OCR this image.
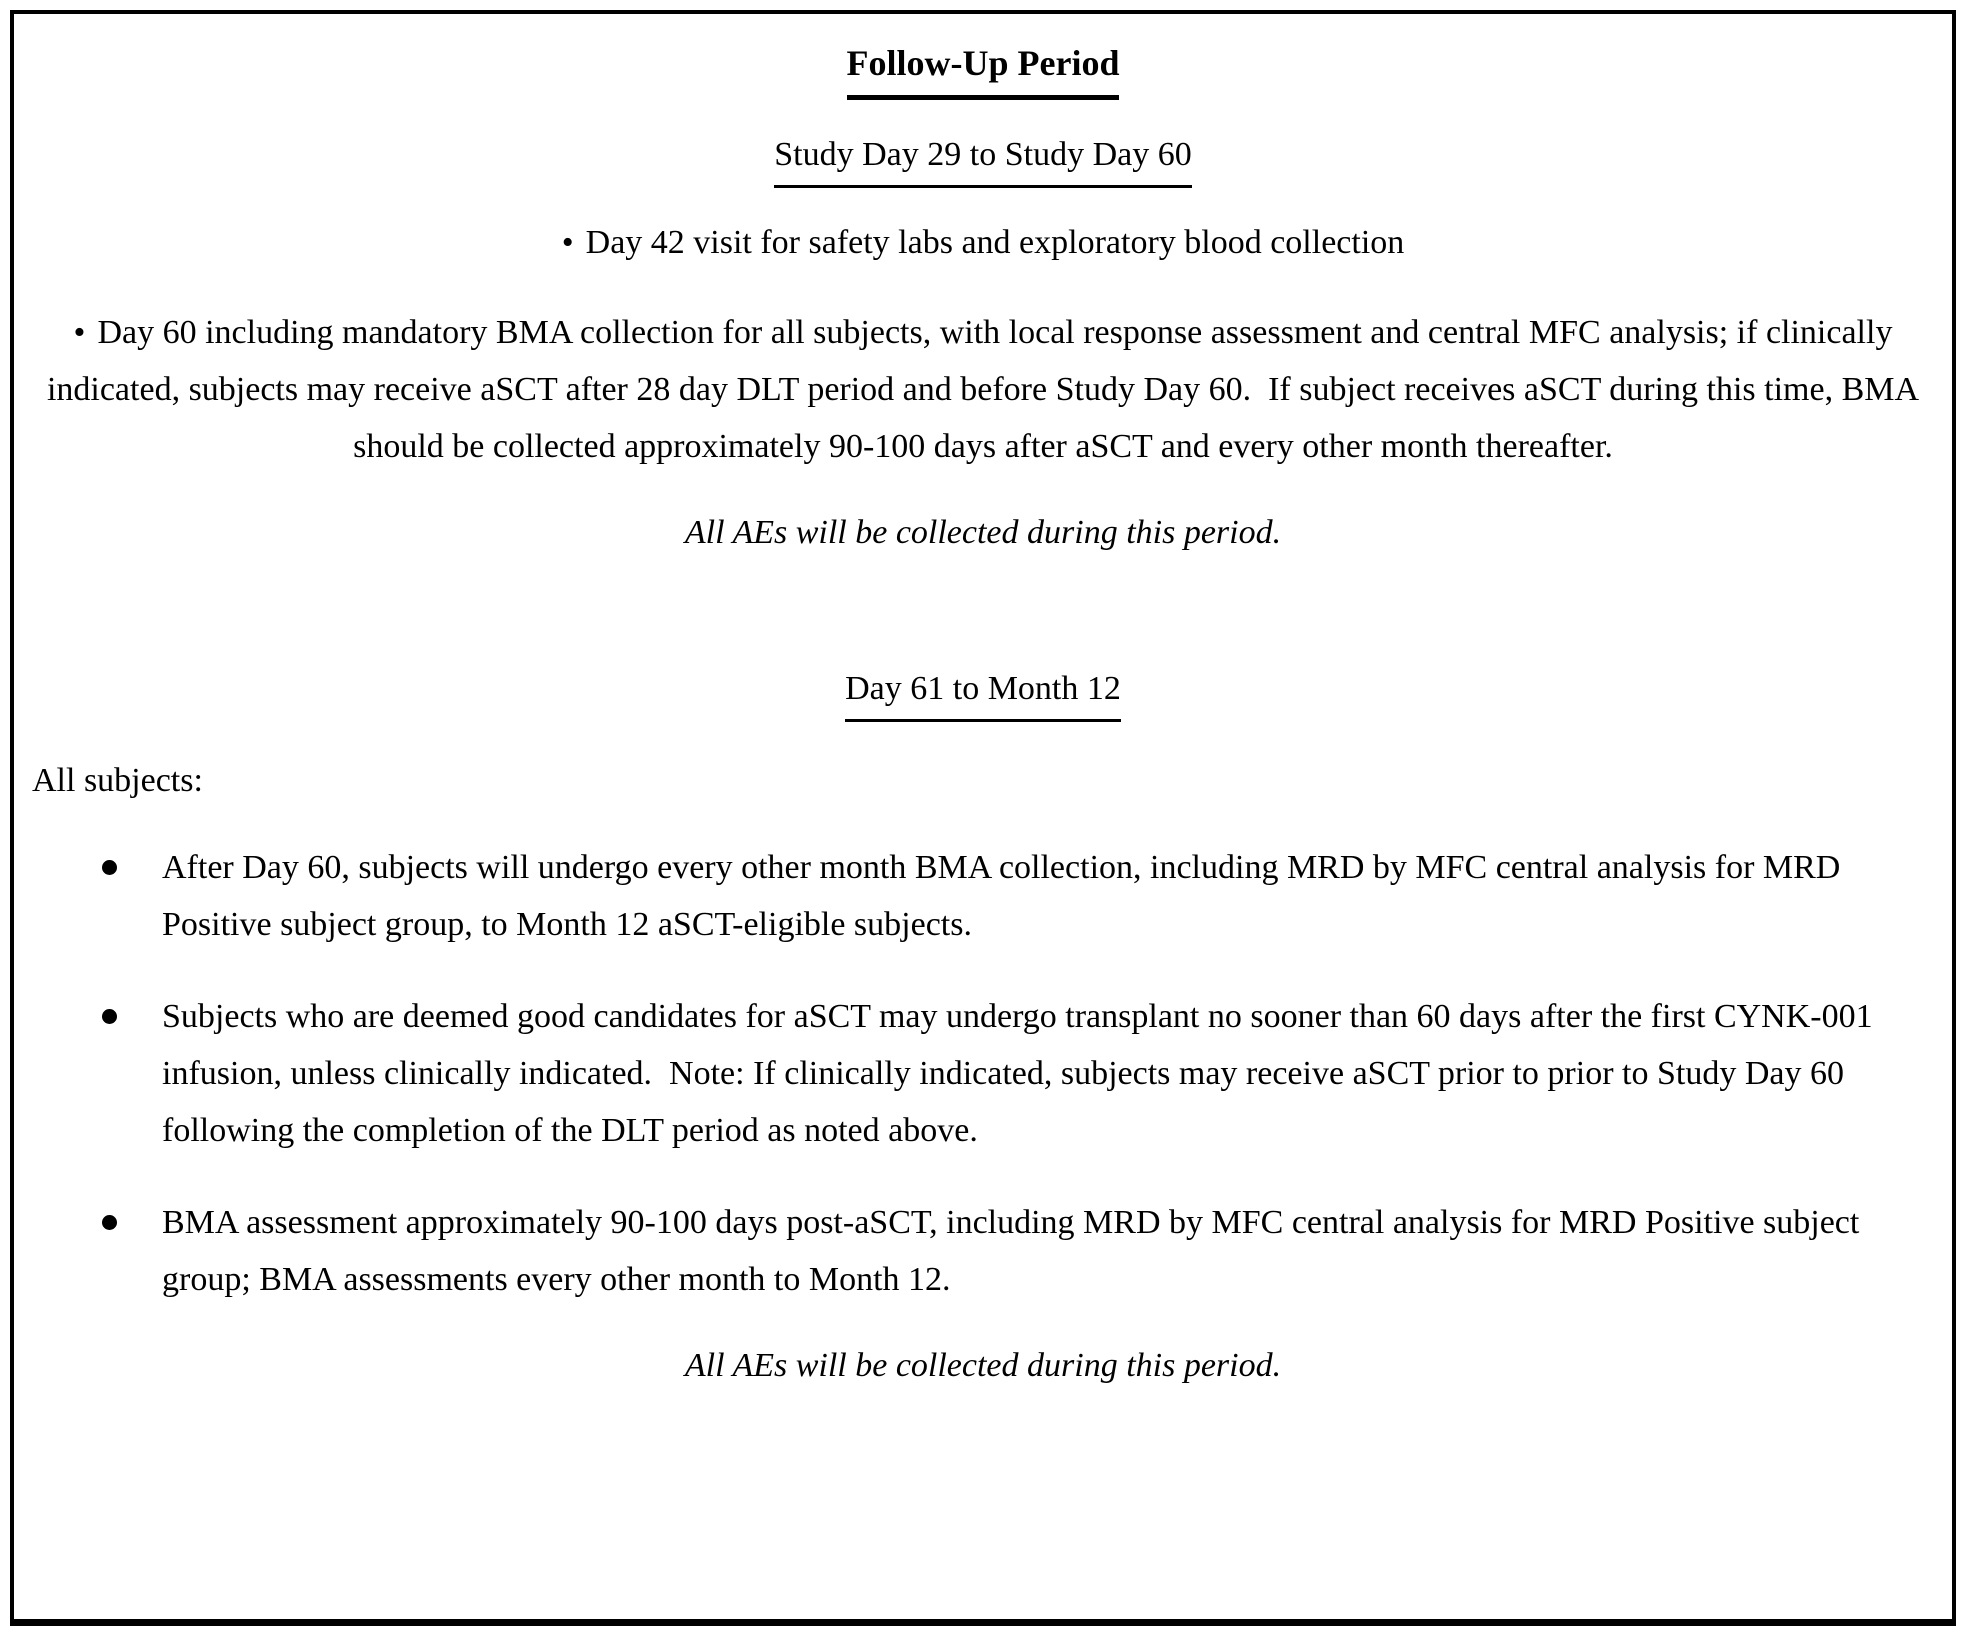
Follow-Up Period
Study Day 29 to Study Day 60
• Day 42 visit for safety labs and exploratory blood collection
• Day 60 including mandatory BMA collection for all subjects, with local response assessment and central MFC analysis; if clinically indicated, subjects may receive aSCT after 28 day DLT period and before Study Day 60.  If subject receives aSCT during this time, BMA should be collected approximately 90-100 days after aSCT and every other month thereafter.
All AEs will be collected during this period.
Day 61 to Month 12
All subjects:
After Day 60, subjects will undergo every other month BMA collection, including MRD by MFC central analysis for MRD Positive subject group, to Month 12 aSCT-eligible subjects.
Subjects who are deemed good candidates for aSCT may undergo transplant no sooner than 60 days after the first CYNK-001 infusion, unless clinically indicated.  Note: If clinically indicated, subjects may receive aSCT prior to prior to Study Day 60 following the completion of the DLT period as noted above.
BMA assessment approximately 90-100 days post-aSCT, including MRD by MFC central analysis for MRD Positive subject group; BMA assessments every other month to Month 12.
All AEs will be collected during this period.
